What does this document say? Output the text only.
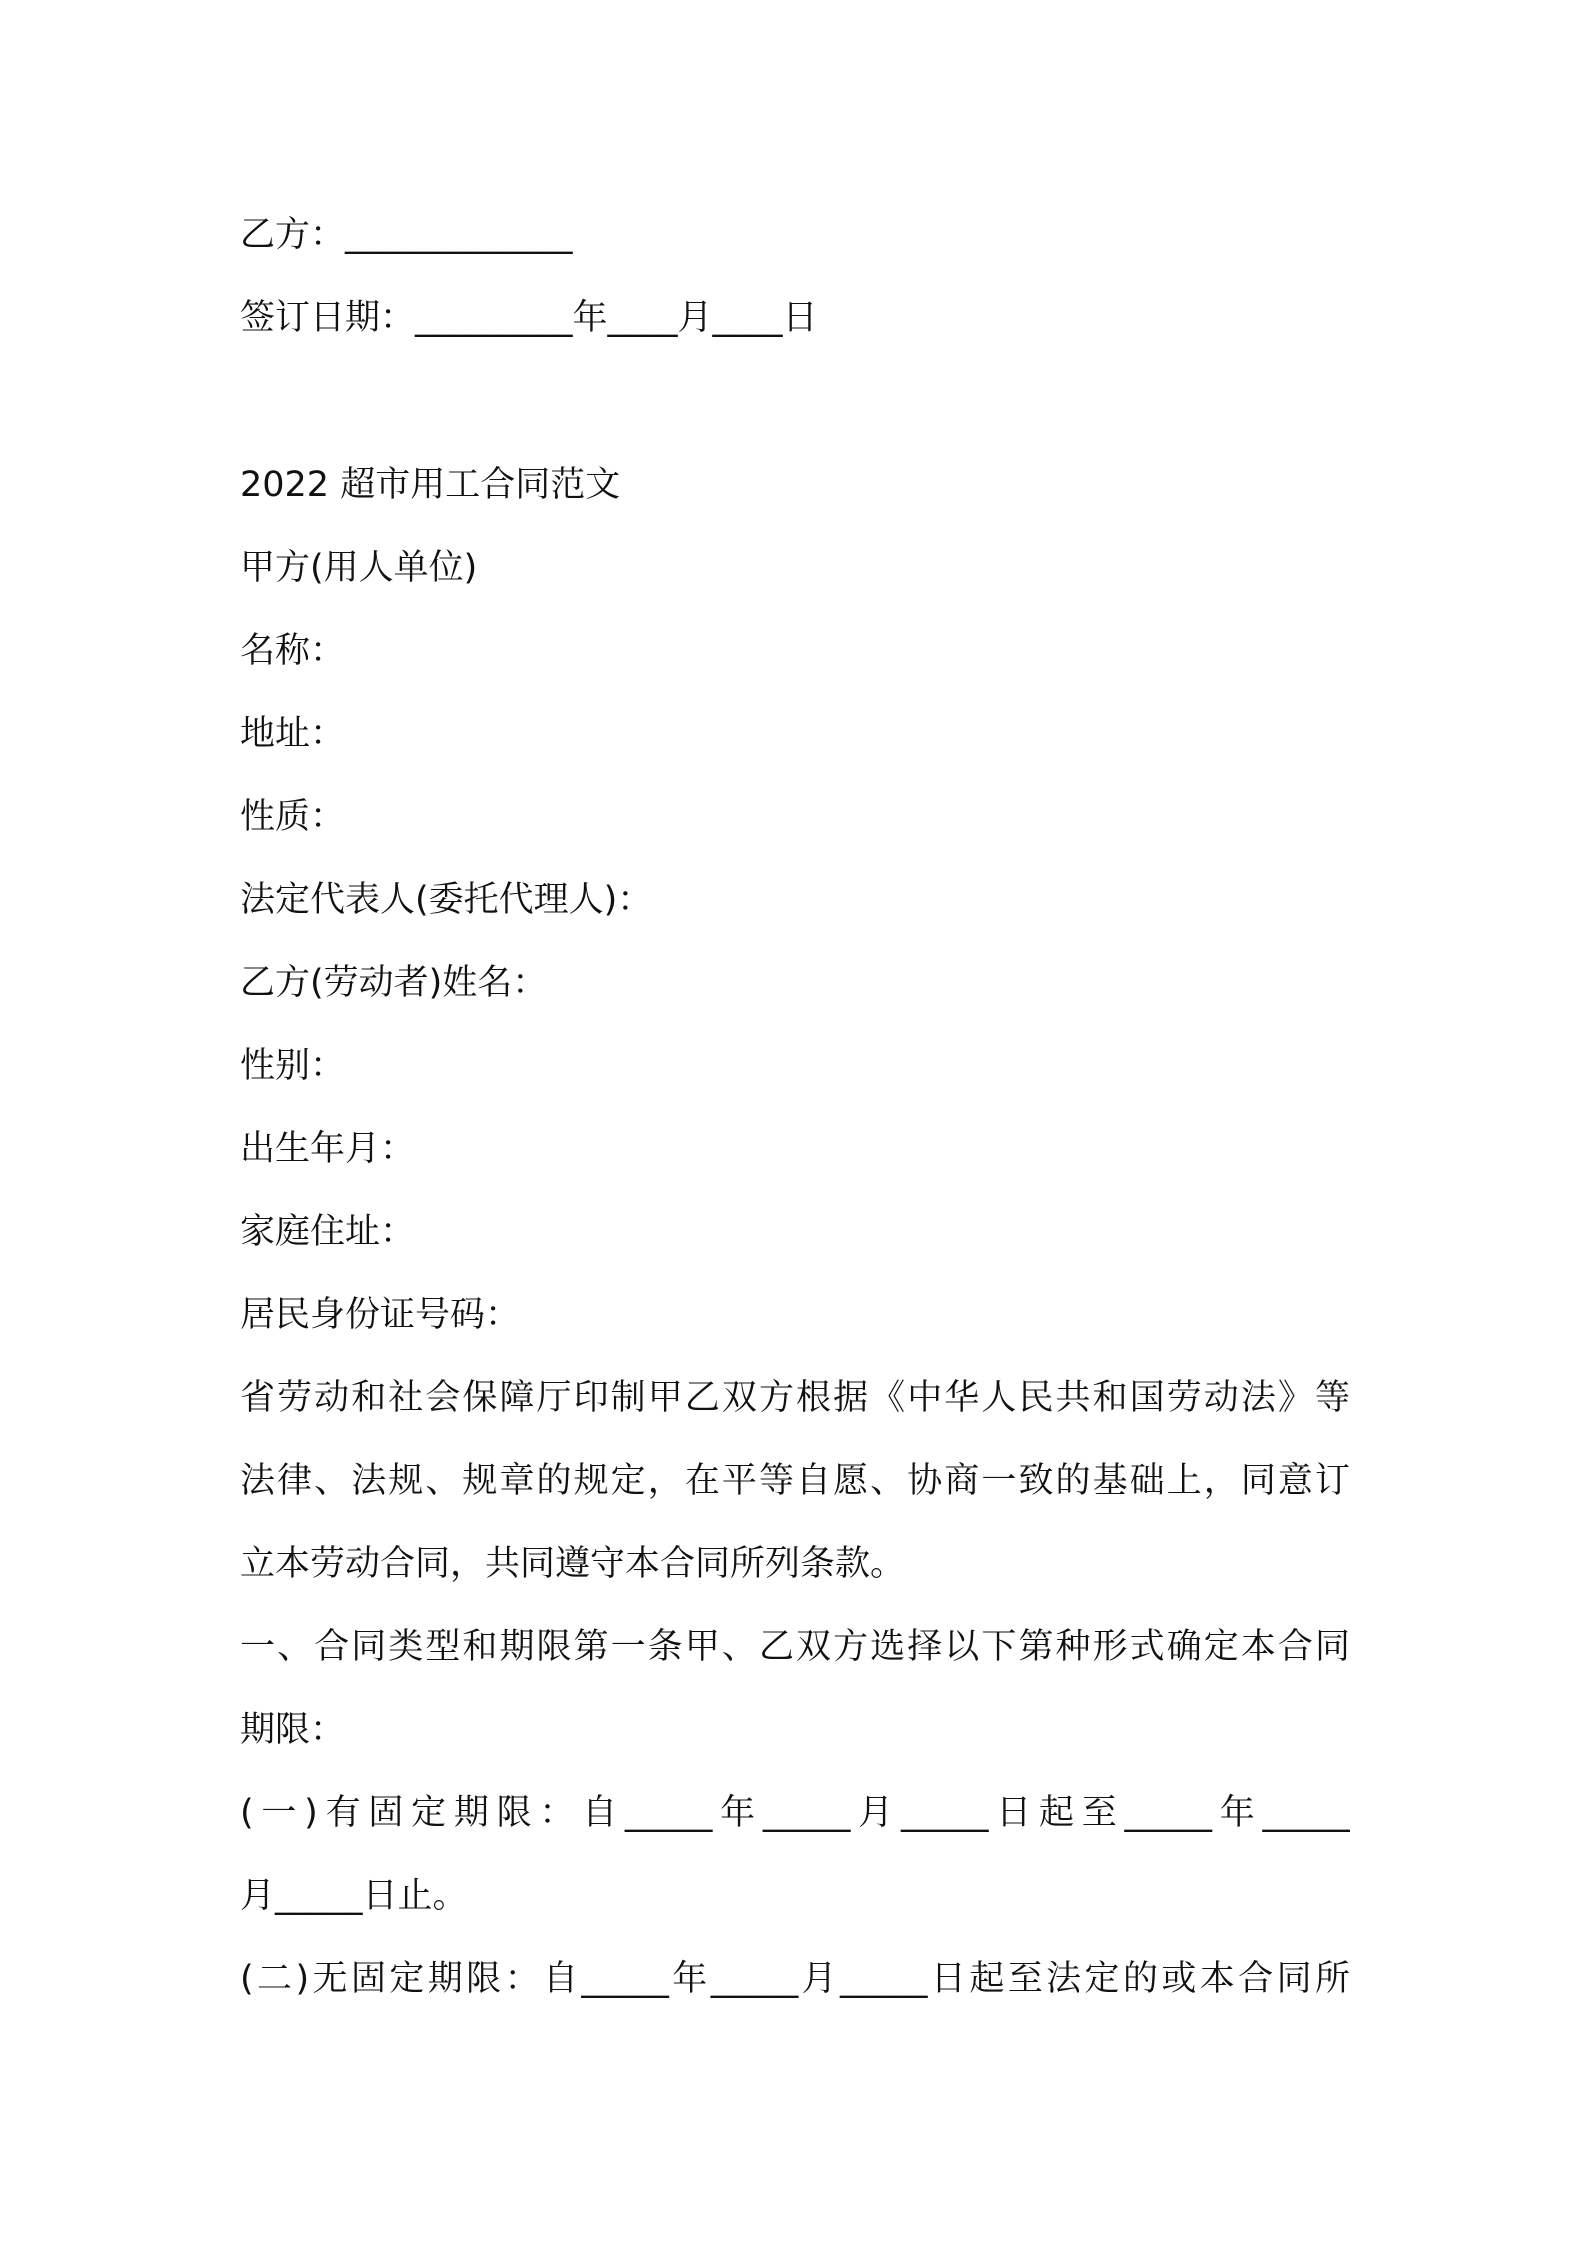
乙方：_____________
签订日期：_________年____月____日
2022 超市用工合同范文
甲方(用人单位)
名称：
地址：
性质：
法定代表人(委托代理人)：
乙方(劳动者)姓名：
性别：
出生年月：
家庭住址：
居民身份证号码：
省劳动和社会保障厅印制甲乙双方根据《中华人民共和国劳动法》等
法律、法规、规章的规定，在平等自愿、协商一致的基础上，同意订
立本劳动合同，共同遵守本合同所列条款。
一、合同类型和期限第一条甲、乙双方选择以下第种形式确定本合同
期限：
(一)有固定期限：自_____年_____月_____日起至_____年_____
月_____日止。
(二)无固定期限：自_____年_____月_____日起至法定的或本合同所
